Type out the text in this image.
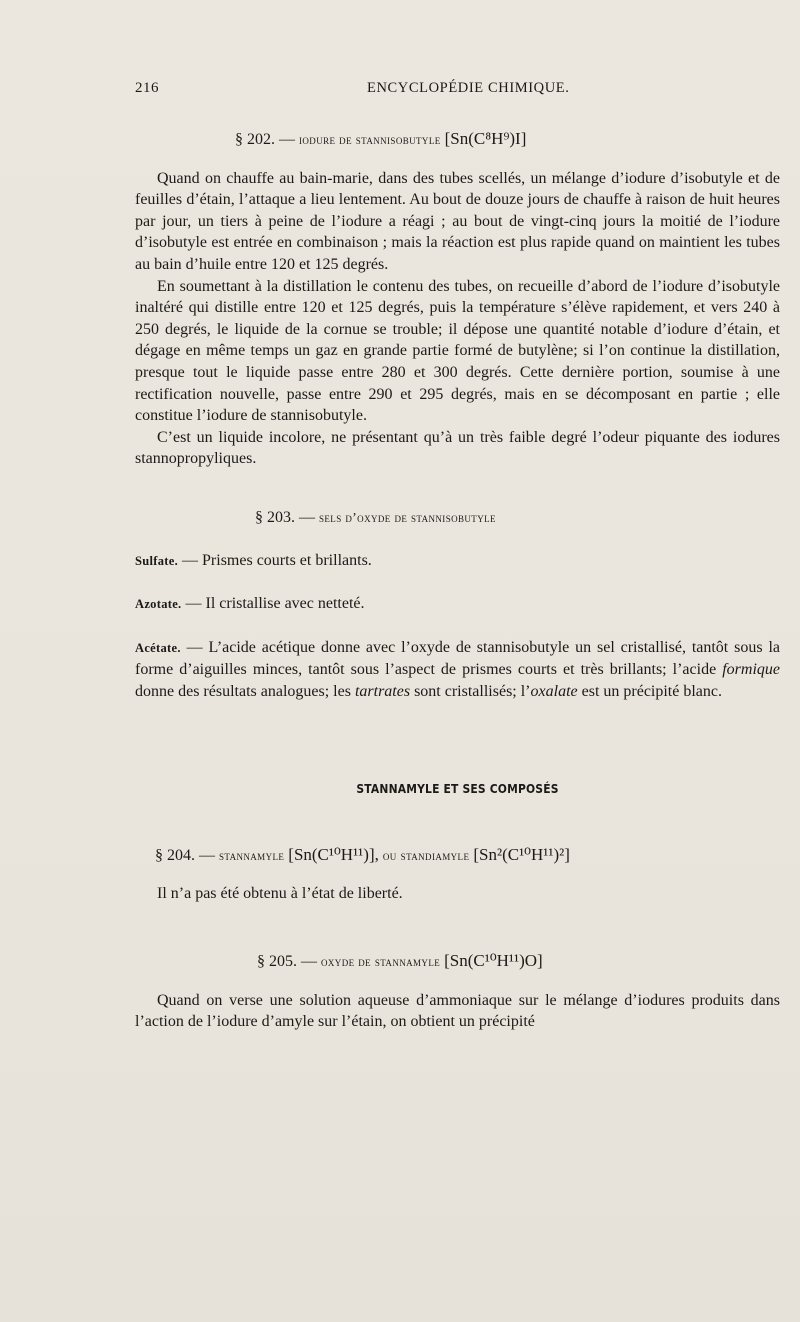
216	ENCYCLOPÉDIE CHIMIQUE.
§ 202. — iodure de stannisobutyle [Sn(C⁸H⁹)I]

Quand on chauffe au bain-marie, dans des tubes scellés, un mélange d’iodure d’isobutyle et de feuilles d’étain, l’attaque a lieu lentement. Au bout de douze jours de chauffe à raison de huit heures par jour, un tiers à peine de l’iodure a réagi ; au bout de vingt-cinq jours la moitié de l’iodure d’isobutyle est entrée en combinaison ; mais la réaction est plus rapide quand on maintient les tubes au bain d’huile entre 120 et 125 degrés.

En soumettant à la distillation le contenu des tubes, on recueille d’abord de l’iodure d’isobutyle inaltéré qui distille entre 120 et 125 degrés, puis la température s’élève rapidement, et vers 240 à 250 degrés, le liquide de la cornue se trouble; il dépose une quantité notable d’iodure d’étain, et dégage en même temps un gaz en grande partie formé de butylène; si l’on continue la distillation, presque tout le liquide passe entre 280 et 300 degrés. Cette dernière portion, soumise à une rectification nouvelle, passe entre 290 et 295 degrés, mais en se décomposant en partie ; elle constitue l’iodure de stannisobutyle.

C’est un liquide incolore, ne présentant qu’à un très faible degré l’odeur piquante des iodures stannopropyliques.

§ 203. — sels d’oxyde de stannisobutyle

Sulfate. — Prismes courts et brillants.

Azotate. — Il cristallise avec netteté.

Acétate. — L’acide acétique donne avec l’oxyde de stannisobutyle un sel cristallisé, tantôt sous la forme d’aiguilles minces, tantôt sous l’aspect de prismes courts et très brillants; l’acide formique donne des résultats analogues; les tartrates sont cristallisés; l’oxalate est un précipité blanc.

STANNAMYLE ET SES COMPOSÉS
§ 204. — stannamyle [Sn(C¹⁰H¹¹)], ou standiamyle [Sn²(C¹⁰H¹¹)²]

Il n’a pas été obtenu à l’état de liberté.

§ 205. — oxyde de stannamyle [Sn(C¹⁰H¹¹)O]

Quand on verse une solution aqueuse d’ammoniaque sur le mélange d’iodures produits dans l’action de l’iodure d’amyle sur l’étain, on obtient un précipité
